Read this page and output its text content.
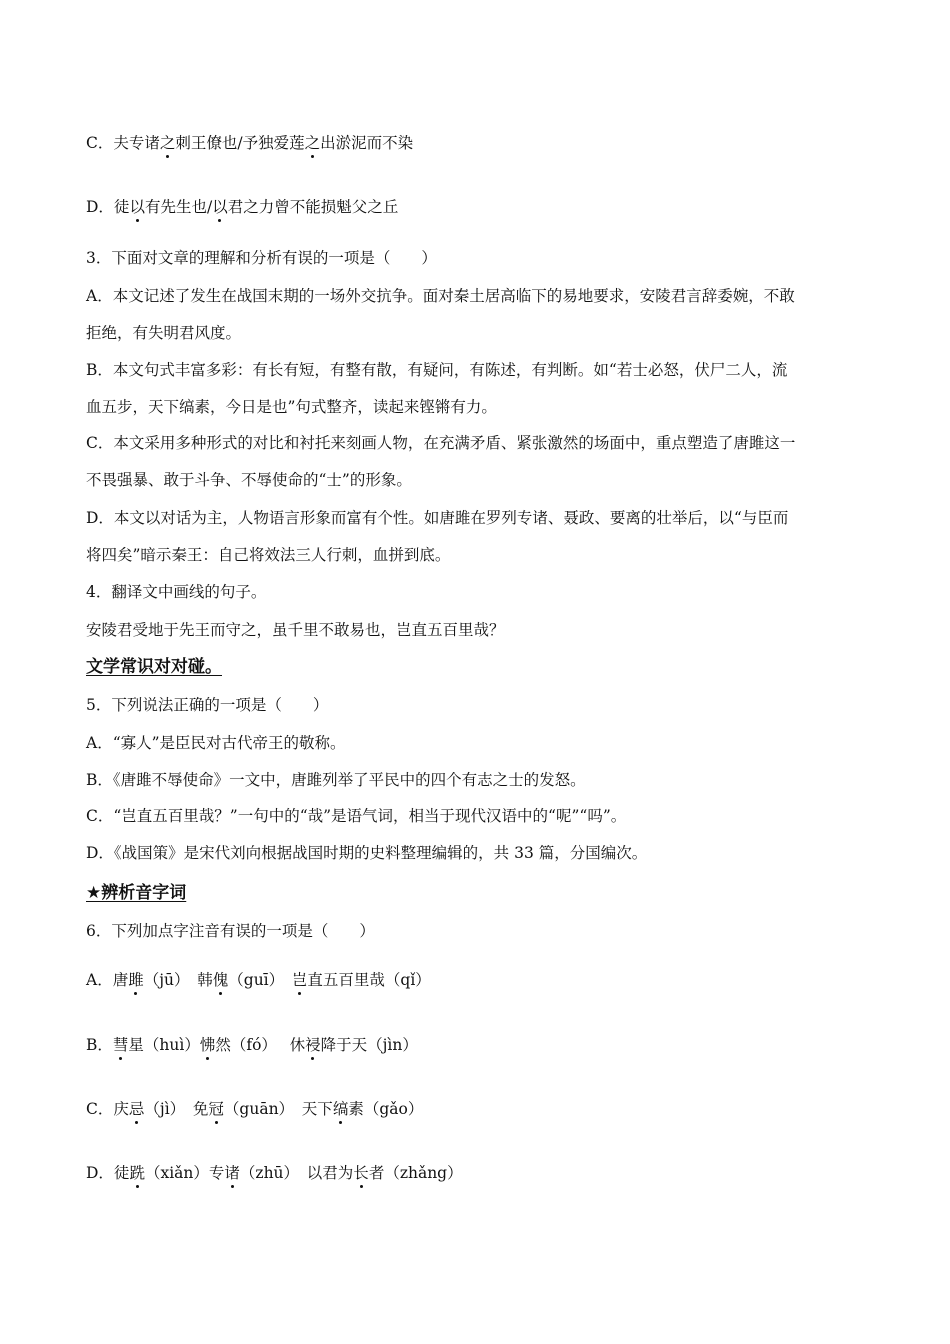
C．夫专诸之刺王僚也/予独爱莲之出淤泥而不染
D．徒以有先生也/以君之力曾不能损魁父之丘
3．下面对文章的理解和分析有误的一项是（　　）
A．本文记述了发生在战国末期的一场外交抗争。面对秦土居高临下的易地要求，安陵君言辞委婉，不敢
拒绝，有失明君风度。
B．本文句式丰富多彩：有长有短，有整有散，有疑问，有陈述，有判断。如“若士必怒，伏尸二人，流
血五步，天下缟素，今日是也”句式整齐，读起来铿锵有力。
C．本文采用多种形式的对比和衬托来刻画人物，在充满矛盾、紧张激然的场面中，重点塑造了唐雎这一
不畏强暴、敢于斗争、不辱使命的“士”的形象。
D．本文以对话为主，人物语言形象而富有个性。如唐雎在罗列专诸、聂政、要离的壮举后，以“与臣而
将四矣”暗示秦王：自己将效法三人行刺，血拼到底。
4．翻译文中画线的句子。
安陵君受地于先王而守之，虽千里不敢易也，岂直五百里哉？
文学常识对对碰。
5．下列说法正确的一项是（　　）
A．“寡人”是臣民对古代帝王的敬称。
B．《唐雎不辱使命》一文中，唐雎列举了平民中的四个有志之士的发怒。
C．“岂直五百里哉？”一句中的“哉”是语气词，相当于现代汉语中的“呢”“吗”。
D．《战国策》是宋代刘向根据战国时期的史料整理编辑的，共 33 篇，分国编次。
★辨析音字词
6．下列加点字注音有误的一项是（　　）
A．唐雎（jū）　韩傀（guī）　岂直五百里哉（qǐ）
B．彗星（huì）怫然（fó）　 休祲降于天（jìn）
C．庆忌（jì）　免冠（guān）　天下缟素（gǎo）
D．徒跣（xiǎn）专诸（zhū）　以君为长者（zhǎng）
